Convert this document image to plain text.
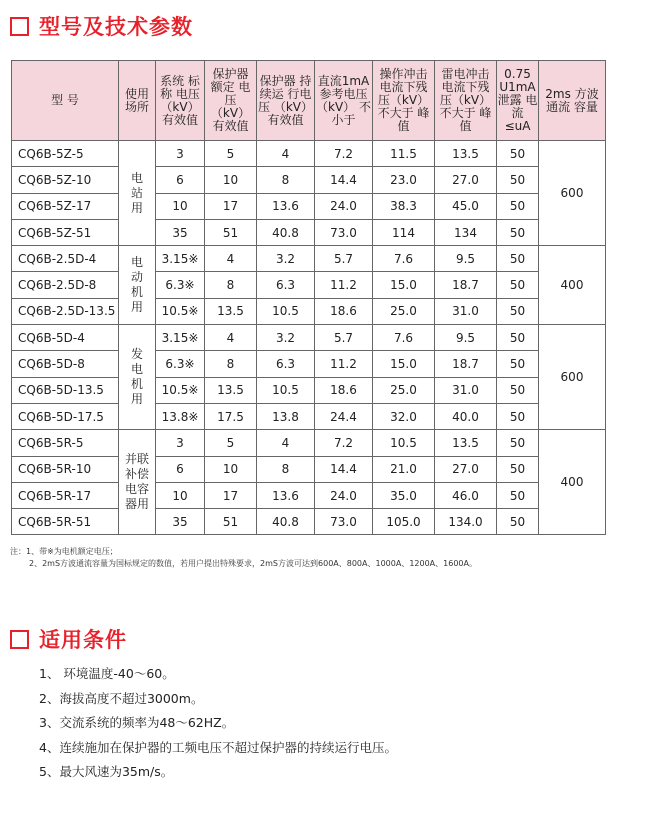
型号及技术参数
型 号	使用 场所	系统 标称 电压 （kV） 有效值	保护器 额定 电压 （kV） 有效值	保护器 持续运 行电压 （kV） 有效值	直流1mA 参考电压 （kV） 不小于	操作冲击 电流下残 压（kV） 不大于 峰值	雷电冲击 电流下残 压（kV） 不大于 峰值	0.75 U1mA 泄露 电流 ≤uA	2ms 方波 通流 容量
CQ6B-5Z-5	电站用	3	5	4	7.2	11.5	13.5	50	600
CQ6B-5Z-10		6	10	8	14.4	23.0	27.0	50	
CQ6B-5Z-17		10	17	13.6	24.0	38.3	45.0	50	
CQ6B-5Z-51		35	51	40.8	73.0	114	134	50	
CQ6B-2.5D-4	电动机用	3.15※	4	3.2	5.7	7.6	9.5	50	400
CQ6B-2.5D-8		6.3※	8	6.3	11.2	15.0	18.7	50	
CQ6B-2.5D-13.5		10.5※	13.5	10.5	18.6	25.0	31.0	50	
CQ6B-5D-4	发电机用	3.15※	4	3.2	5.7	7.6	9.5	50	600
CQ6B-5D-8		6.3※	8	6.3	11.2	15.0	18.7	50	
CQ6B-5D-13.5		10.5※	13.5	10.5	18.6	25.0	31.0	50	
CQ6B-5D-17.5		13.8※	17.5	13.8	24.4	32.0	40.0	50	
CQ6B-5R-5	并联补偿电容器用	3	5	4	7.2	10.5	13.5	50	400
CQ6B-5R-10		6	10	8	14.4	21.0	27.0	50	
CQ6B-5R-17		10	17	13.6	24.0	35.0	46.0	50	
CQ6B-5R-51		35	51	40.8	73.0	105.0	134.0	50	
注：1、带※为电机额定电压；
2、2mS方波通流容量为国标规定的数值，若用户提出特殊要求，2mS方波可达到600A、800A、1000A、1200A、1600A。
适用条件
1、 环境温度-40～60。
2、海拔高度不超过3000m。
3、交流系统的频率为48～62HZ。
4、连续施加在保护器的工频电压不超过保护器的持续运行电压。
5、最大风速为35m/s。
